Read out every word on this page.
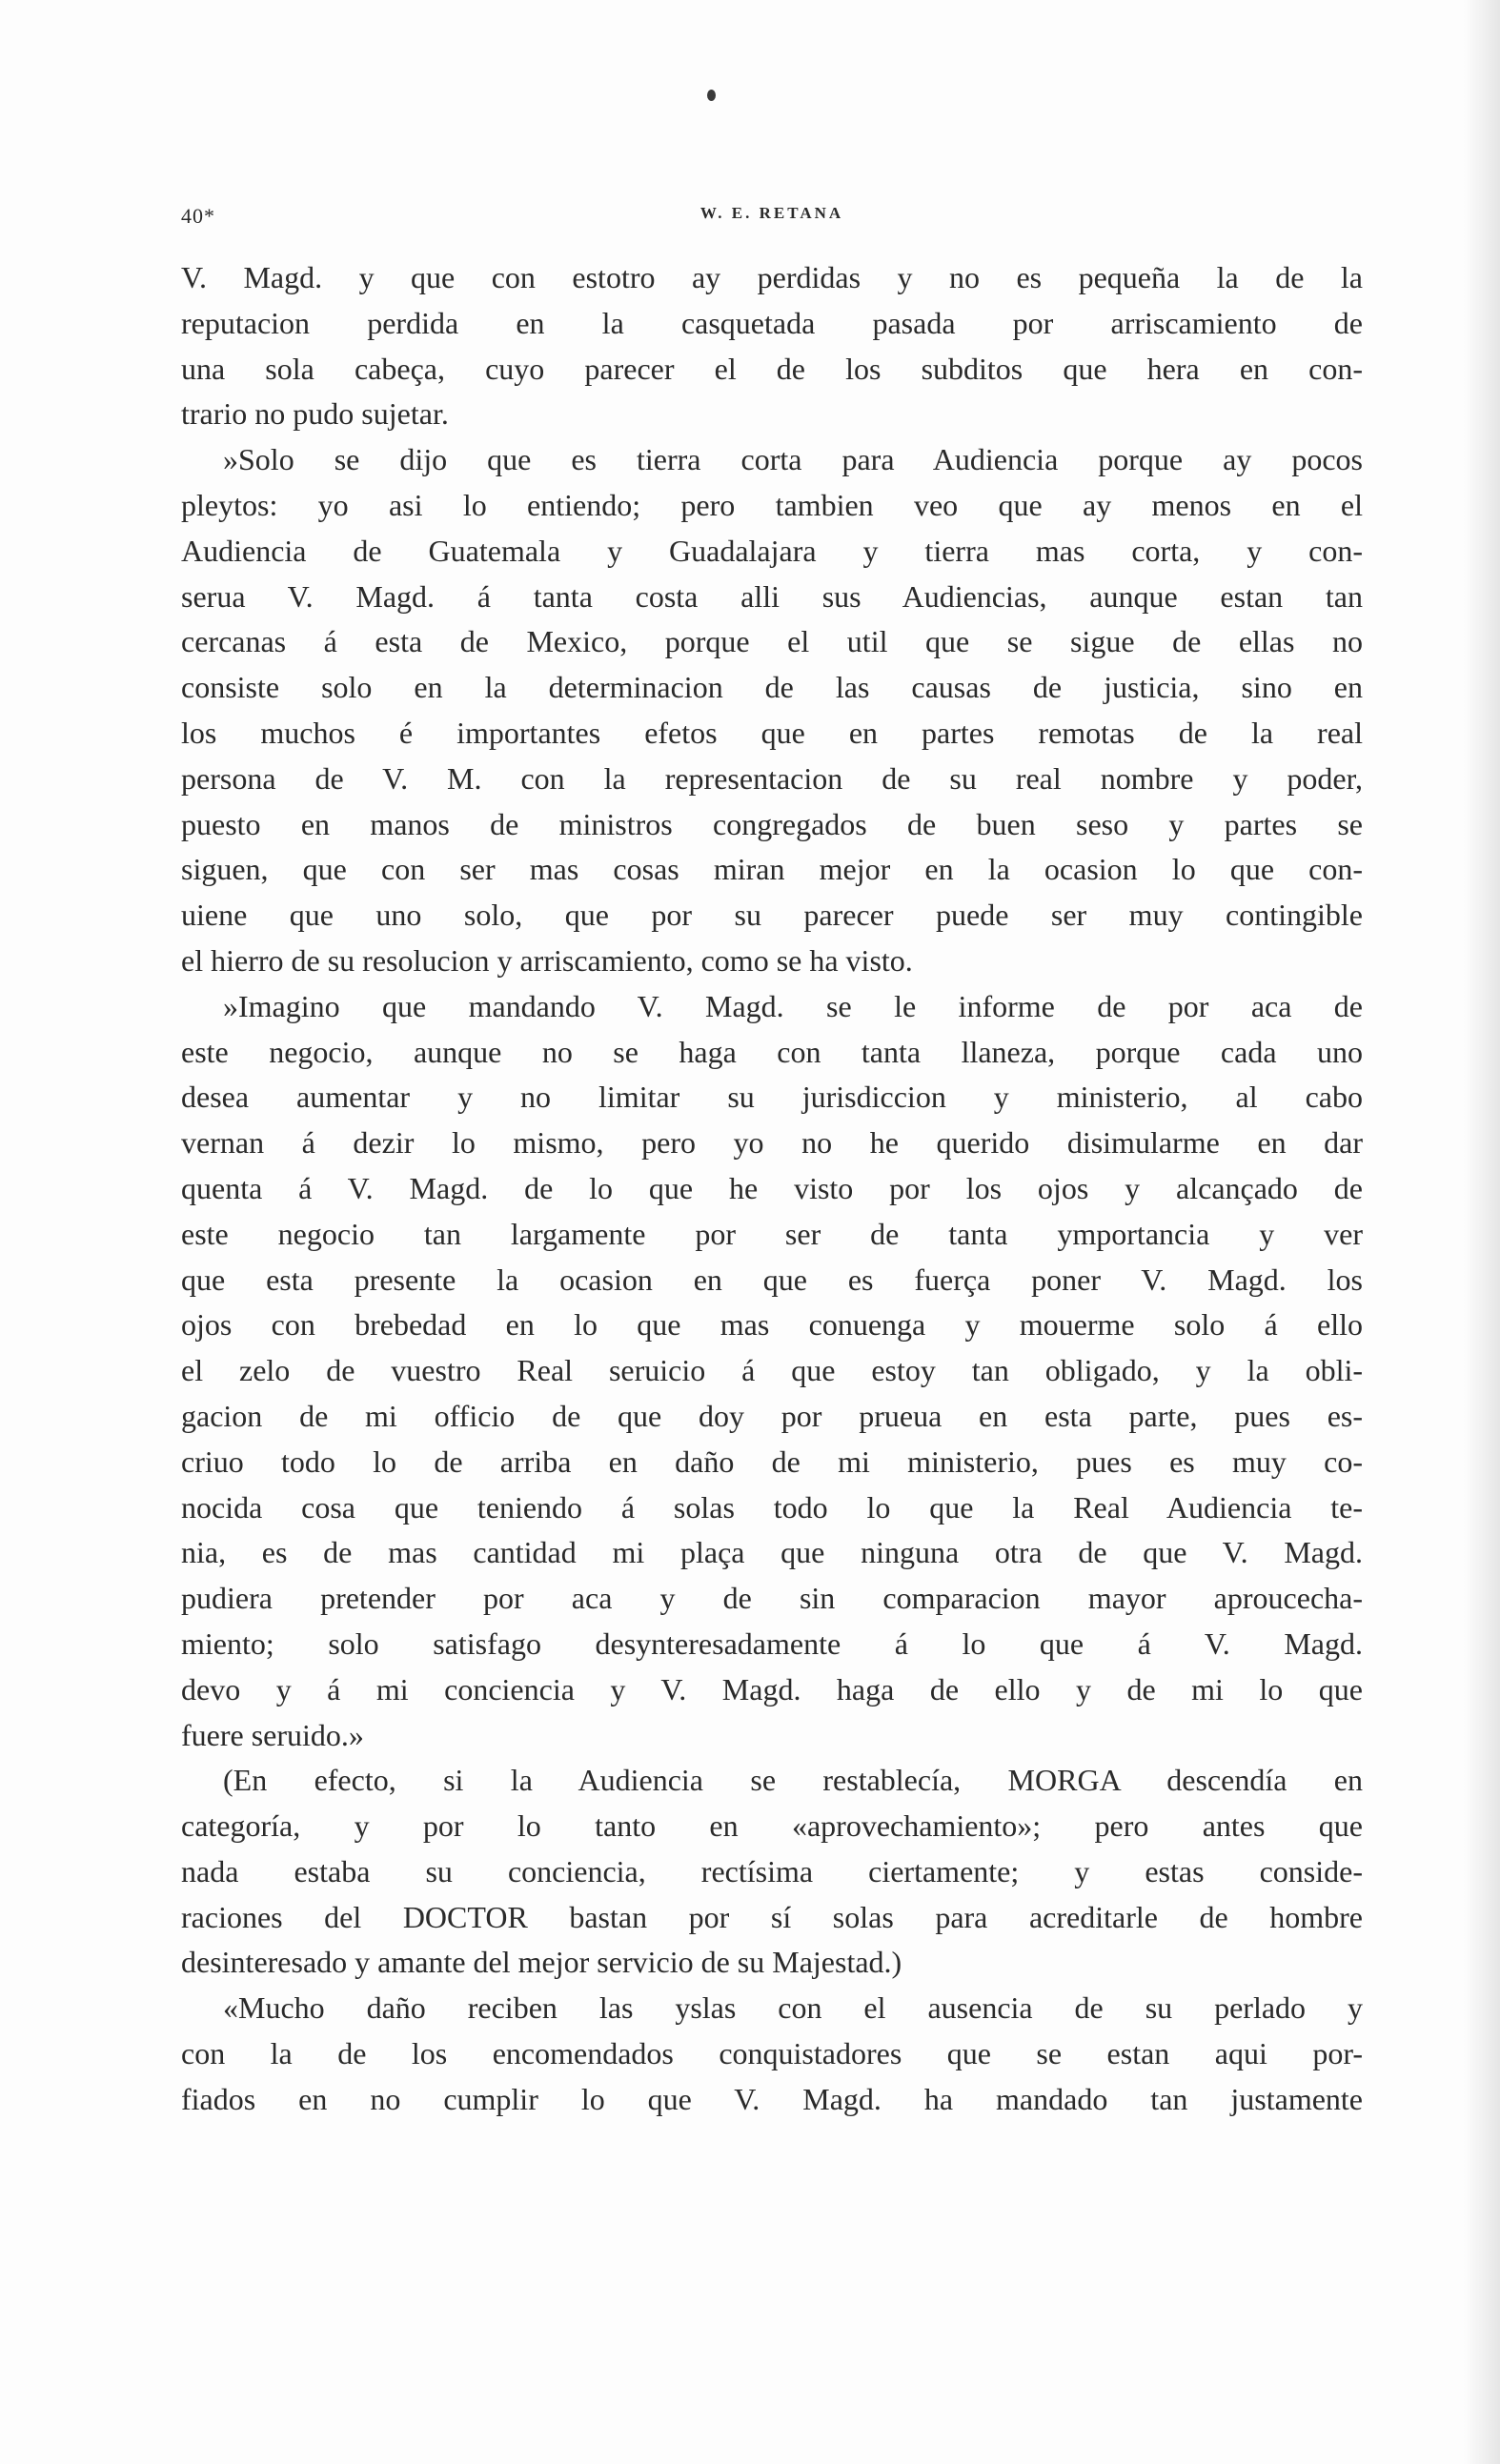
40*	W. E. RETANA
V. Magd. y que con estotro ay perdidas y no es pequeña la de la
reputacion perdida en la casquetada pasada por arriscamiento de
una sola cabeça, cuyo parecer el de los subditos que hera en con-
trario no pudo sujetar.
»Solo se dijo que es tierra corta para Audiencia porque ay pocos
pleytos: yo asi lo entiendo; pero tambien veo que ay menos en el
Audiencia de Guatemala y Guadalajara y tierra mas corta, y con-
serua V. Magd. á tanta costa alli sus Audiencias, aunque estan tan
cercanas á esta de Mexico, porque el util que se sigue de ellas no
consiste solo en la determinacion de las causas de justicia, sino en
los muchos é importantes efetos que en partes remotas de la real
persona de V. M. con la representacion de su real nombre y poder,
puesto en manos de ministros congregados de buen seso y partes se
siguen, que con ser mas cosas miran mejor en la ocasion lo que con-
uiene que uno solo, que por su parecer puede ser muy contingible
el hierro de su resolucion y arriscamiento, como se ha visto.
»Imagino que mandando V. Magd. se le informe de por aca de
este negocio, aunque no se haga con tanta llaneza, porque cada uno
desea aumentar y no limitar su jurisdiccion y ministerio, al cabo
vernan á dezir lo mismo, pero yo no he querido disimularme en dar
quenta á V. Magd. de lo que he visto por los ojos y alcançado de
este negocio tan largamente por ser de tanta ymportancia y ver
que esta presente la ocasion en que es fuerça poner V. Magd. los
ojos con brebedad en lo que mas conuenga y mouerme solo á ello
el zelo de vuestro Real seruicio á que estoy tan obligado, y la obli-
gacion de mi officio de que doy por prueua en esta parte, pues es-
criuo todo lo de arriba en daño de mi ministerio, pues es muy co-
nocida cosa que teniendo á solas todo lo que la Real Audiencia te-
nia, es de mas cantidad mi plaça que ninguna otra de que V. Magd.
pudiera pretender por aca y de sin comparacion mayor aproucecha-
miento; solo satisfago desynteresadamente á lo que á V. Magd.
devo y á mi conciencia y V. Magd. haga de ello y de mi lo que
fuere seruido.»
(En efecto, si la Audiencia se restablecía, MORGA descendía en
categoría, y por lo tanto en «aprovechamiento»; pero antes que
nada estaba su conciencia, rectísima ciertamente; y estas conside-
raciones del DOCTOR bastan por sí solas para acreditarle de hombre
desinteresado y amante del mejor servicio de su Majestad.)
«Mucho daño reciben las yslas con el ausencia de su perlado y
con la de los encomendados conquistadores que se estan aqui por-
fiados en no cumplir lo que V. Magd. ha mandado tan justamente
